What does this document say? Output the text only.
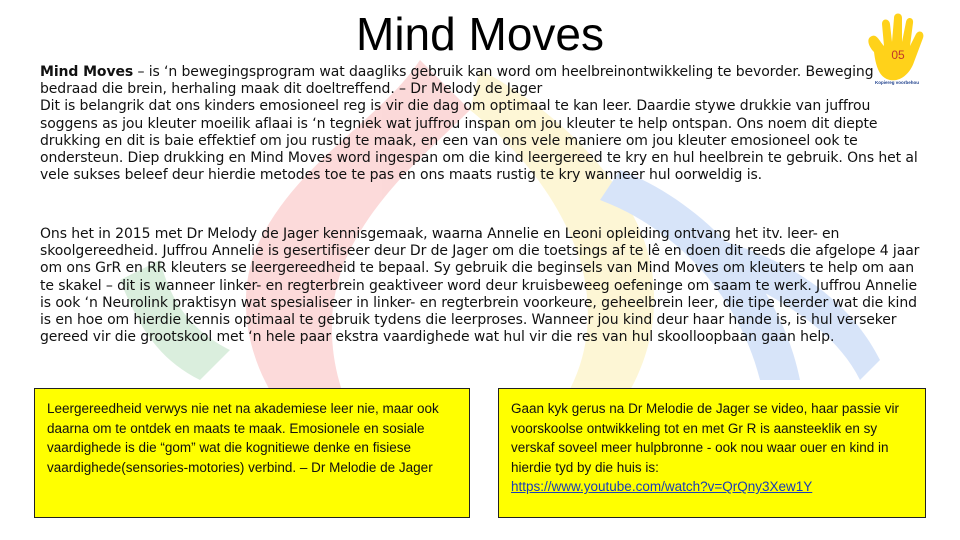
Mind Moves	05
Kopiereg voorbehou

Mind Moves – is ‘n bewegingsprogram wat daagliks gebruik kan word om heelbreinontwikkeling te bevorder. Beweging bedraad die brein, herhaling maak dit doeltreffend. – Dr Melody de Jager

Dit is belangrik dat ons kinders emosioneel reg is vir die dag om optimaal te kan leer. Daardie stywe drukkie van juffrou soggens as jou kleuter moeilik aflaai is ‘n tegniek wat juffrou inspan om jou kleuter te help ontspan. Ons noem dit diepte drukking en dit is baie effektief om jou rustig te maak, en een van ons vele maniere om jou kleuter emosioneel ook te ondersteun. Diep drukking en Mind Moves word ingespan om die kind leergereed te kry en hul heelbrein te gebruik. Ons het al vele sukses beleef deur hierdie metodes toe te pas en ons maats rustig te kry wanneer hul oorweldig is.

Ons het in 2015 met Dr Melody de Jager kennisgemaak, waarna Annelie en Leoni opleiding ontvang het itv. leer- en skoolgereedheid. Juffrou Annelie is gesertifiseer deur Dr de Jager om die toetsings af te lê en doen dit reeds die afgelope 4 jaar om ons GrR en RR kleuters se leergereedheid te bepaal. Sy gebruik die beginsels van Mind Moves om kleuters te help om aan te skakel – dit is wanneer linker- en regterbrein geaktiveer word deur kruisbeweeg oefeninge om saam te werk. Juffrou Annelie is ook ‘n Neurolink praktisyn wat spesialiseer in linker- en regterbrein voorkeure, geheelbrein leer, die tipe leerder wat die kind is en hoe om hierdie kennis optimaal te gebruik tydens die leerproses. Wanneer jou kind deur haar hande is, is hul verseker gereed vir die grootskool met ‘n hele paar ekstra vaardighede wat hul vir die res van hul skoolloopbaan gaan help.

Leergereedheid verwys nie net na akademiese leer nie, maar ook daarna om te ontdek en maats te maak. Emosionele en sosiale vaardighede is die “gom” wat die kognitiewe denke en fisiese vaardighede(sensories-motories) verbind. – Dr Melodie de Jager
Gaan kyk gerus na Dr Melodie de Jager se video, haar passie vir voorskoolse ontwikkeling tot en met Gr R is aansteeklik en sy verskaf soveel meer hulpbronne - ook nou waar ouer en kind in hierdie tyd by die huis is:
https://www.youtube.com/watch?v=QrQny3Xew1Y
